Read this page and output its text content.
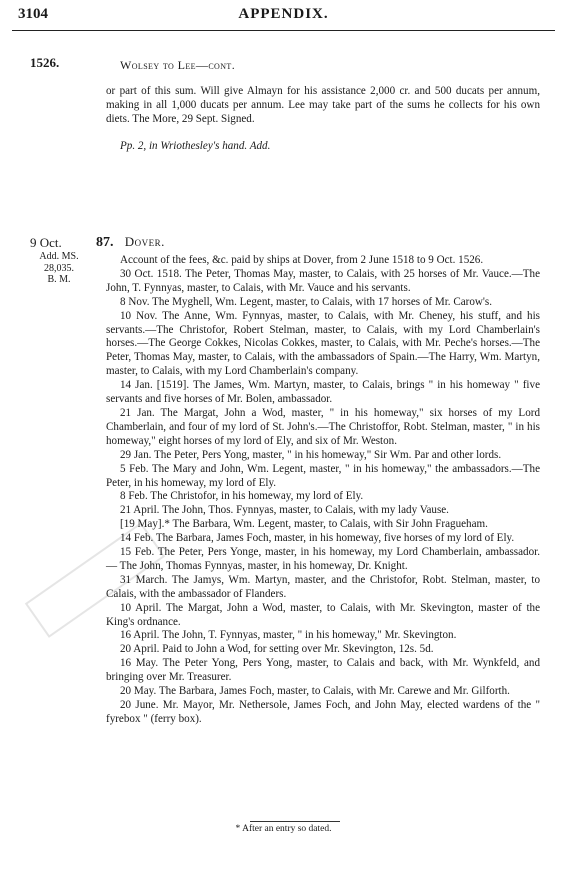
3104	APPENDIX.
1526.	Wolsey to Lee—cont.

or part of this sum. Will give Almayn for his assistance 2,000 cr. and 500 ducats per annum, making in all 1,000 ducats per annum. Lee may take part of the sums he collects for his own diets. The More, 29 Sept. Signed.

Pp. 2, in Wriothesley's hand. Add.
9 Oct.
Add. MS.
28,035.
B. M.
87. Dover.

Account of the fees, &c. paid by ships at Dover, from 2 June 1518 to 9 Oct. 1526.

30 Oct. 1518. The Peter, Thomas May, master, to Calais, with 25 horses of Mr. Vauce.—The John, T. Fynnyas, master, to Calais, with Mr. Vauce and his servants.

8 Nov. The Myghell, Wm. Legent, master, to Calais, with 17 horses of Mr. Carow's.

10 Nov. The Anne, Wm. Fynnyas, master, to Calais, with Mr. Cheney, his stuff, and his servants.—The Christofor, Robert Stelman, master, to Calais, with my Lord Chamberlain's horses.—The George Cokkes, Nicolas Cokkes, master, to Calais, with Mr. Peche's horses.—The Peter, Thomas May, master, to Calais, with the ambassadors of Spain.—The Harry, Wm. Martyn, master, to Calais, with my Lord Chamberlain's company.

14 Jan. [1519]. The James, Wm. Martyn, master, to Calais, brings " in his homeway " five servants and five horses of Mr. Bolen, ambassador.

21 Jan. The Margat, John a Wod, master, " in his homeway," six horses of my Lord Chamberlain, and four of my lord of St. John's.—The Christoffor, Robt. Stelman, master, " in his homeway," eight horses of my lord of Ely, and six of Mr. Weston.

29 Jan. The Peter, Pers Yong, master, " in his homeway," Sir Wm. Par and other lords.

5 Feb. The Mary and John, Wm. Legent, master, " in his homeway," the ambassadors.—The Peter, in his homeway, my lord of Ely.

8 Feb. The Christofor, in his homeway, my lord of Ely.

21 April. The John, Thos. Fynnyas, master, to Calais, with my lady Vause.

[19 May].* The Barbara, Wm. Legent, master, to Calais, with Sir John Fragueham.

14 Feb. The Barbara, James Foch, master, in his homeway, five horses of my lord of Ely.

15 Feb. The Peter, Pers Yonge, master, in his homeway, my Lord Chamberlain, ambassador. — The John, Thomas Fynnyas, master, in his homeway, Dr. Knight.

31 March. The Jamys, Wm. Martyn, master, and the Christofor, Robt. Stelman, master, to Calais, with the ambassador of Flanders.

10 April. The Margat, John a Wod, master, to Calais, with Mr. Skevington, master of the King's ordnance.

16 April. The John, T. Fynnyas, master, " in his homeway," Mr. Skevington.

20 April. Paid to John a Wod, for setting over Mr. Skevington, 12s. 5d.

16 May. The Peter Yong, Pers Yong, master, to Calais and back, with Mr. Wynkfeld, and bringing over Mr. Treasurer.

20 May. The Barbara, James Foch, master, to Calais, with Mr. Carewe and Mr. Gilforth.

20 June. Mr. Mayor, Mr. Nethersole, James Foch, and John May, elected wardens of the " fyrebox " (ferry box).

* After an entry so dated.
